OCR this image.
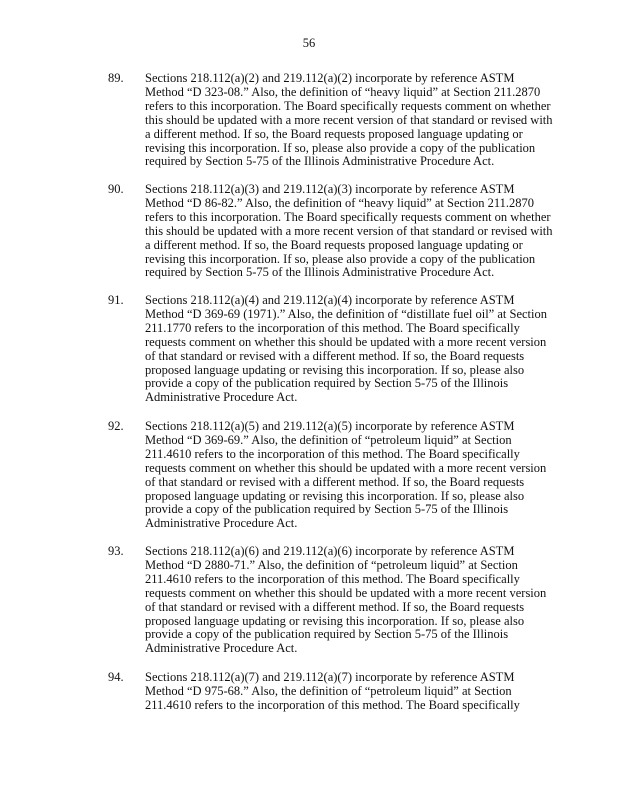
56
89.	Sections 218.112(a)(2) and 219.112(a)(2) incorporate by reference ASTM
Method “D 323-08.” Also, the definition of “heavy liquid” at Section 211.2870
refers to this incorporation. The Board specifically requests comment on whether
this should be updated with a more recent version of that standard or revised with
a different method. If so, the Board requests proposed language updating or
revising this incorporation. If so, please also provide a copy of the publication
required by Section 5-75 of the Illinois Administrative Procedure Act.
90.	Sections 218.112(a)(3) and 219.112(a)(3) incorporate by reference ASTM
Method “D 86-82.” Also, the definition of “heavy liquid” at Section 211.2870
refers to this incorporation. The Board specifically requests comment on whether
this should be updated with a more recent version of that standard or revised with
a different method. If so, the Board requests proposed language updating or
revising this incorporation. If so, please also provide a copy of the publication
required by Section 5-75 of the Illinois Administrative Procedure Act.
91.	Sections 218.112(a)(4) and 219.112(a)(4) incorporate by reference ASTM
Method “D 369-69 (1971).” Also, the definition of “distillate fuel oil” at Section
211.1770 refers to the incorporation of this method. The Board specifically
requests comment on whether this should be updated with a more recent version
of that standard or revised with a different method. If so, the Board requests
proposed language updating or revising this incorporation. If so, please also
provide a copy of the publication required by Section 5-75 of the Illinois
Administrative Procedure Act.
92.	Sections 218.112(a)(5) and 219.112(a)(5) incorporate by reference ASTM
Method “D 369-69.” Also, the definition of “petroleum liquid” at Section
211.4610 refers to the incorporation of this method. The Board specifically
requests comment on whether this should be updated with a more recent version
of that standard or revised with a different method. If so, the Board requests
proposed language updating or revising this incorporation. If so, please also
provide a copy of the publication required by Section 5-75 of the Illinois
Administrative Procedure Act.
93.	Sections 218.112(a)(6) and 219.112(a)(6) incorporate by reference ASTM
Method “D 2880-71.” Also, the definition of “petroleum liquid” at Section
211.4610 refers to the incorporation of this method. The Board specifically
requests comment on whether this should be updated with a more recent version
of that standard or revised with a different method. If so, the Board requests
proposed language updating or revising this incorporation. If so, please also
provide a copy of the publication required by Section 5-75 of the Illinois
Administrative Procedure Act.
94.	Sections 218.112(a)(7) and 219.112(a)(7) incorporate by reference ASTM
Method “D 975-68.” Also, the definition of “petroleum liquid” at Section
211.4610 refers to the incorporation of this method. The Board specifically
